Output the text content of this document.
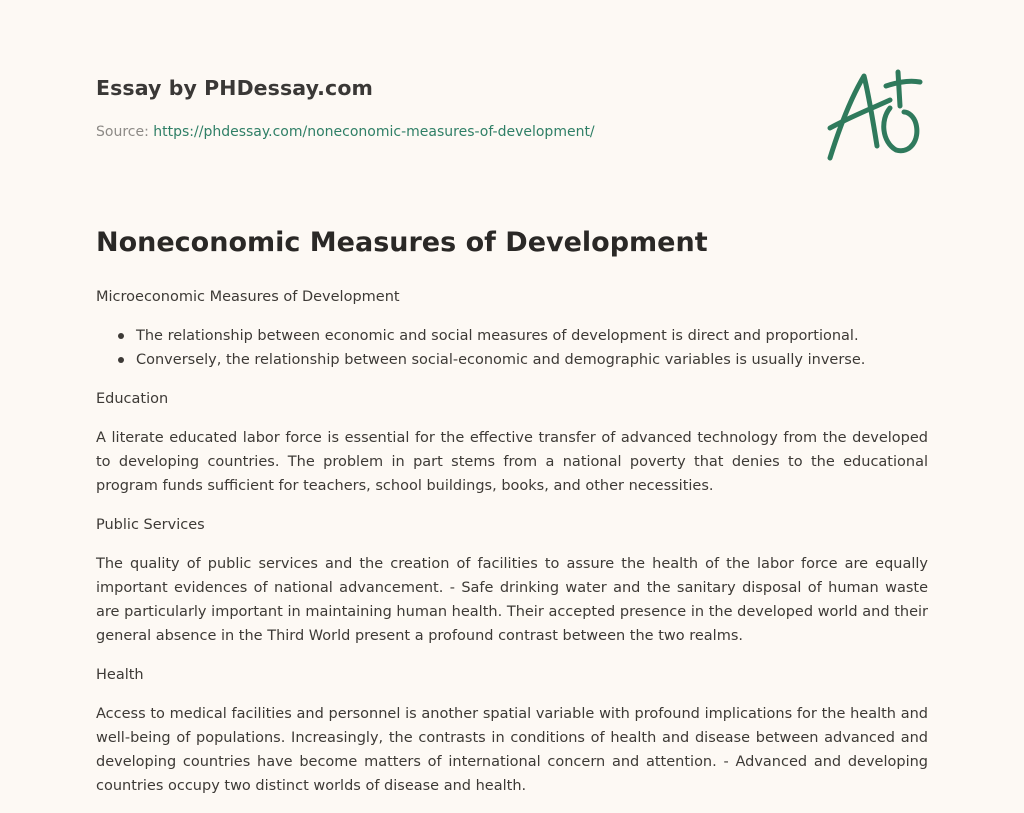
Essay by PHDessay.com
Source: https://phdessay.com/noneconomic-measures-of-development/
Noneconomic Measures of Development

Microeconomic Measures of Development

The relationship between economic and social measures of development is direct and proportional.
Conversely, the relationship between social-economic and demographic variables is usually inverse.

Education

A literate educated labor force is essential for the effective transfer of advanced technology from the developed to developing countries. The problem in part stems from a national poverty that denies to the educational program funds sufficient for teachers, school buildings, books, and other necessities.

Public Services

The quality of public services and the creation of facilities to assure the health of the labor force are equally important evidences of national advancement. - Safe drinking water and the sanitary disposal of human waste are particularly important in maintaining human health. Their accepted presence in the developed world and their general absence in the Third World present a profound contrast between the two realms.

Health

Access to medical facilities and personnel is another spatial variable with profound implications for the health and well-being of populations. Increasingly, the contrasts in conditions of health and disease between advanced and developing countries have become matters of international concern and attention. - Advanced and developing countries occupy two distinct worlds of disease and health.
